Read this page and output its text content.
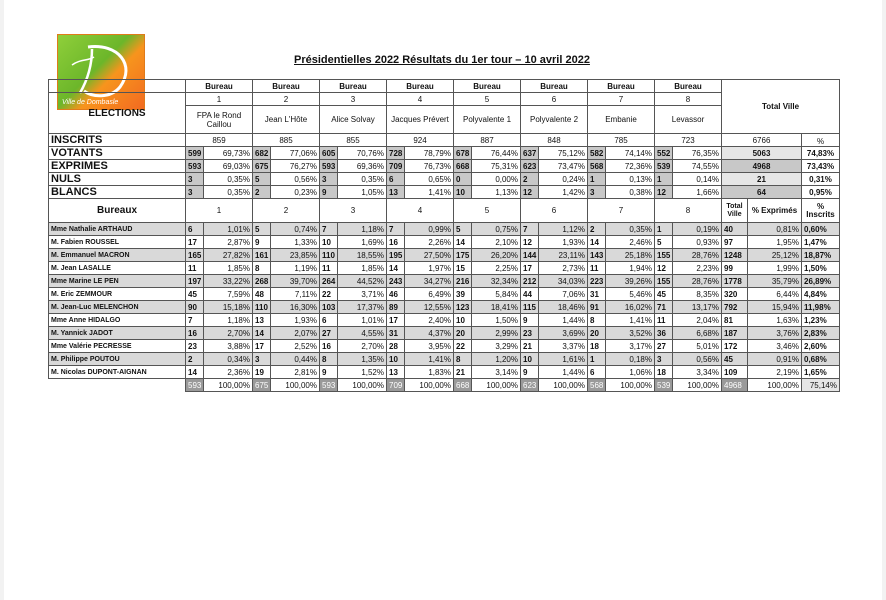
Ville de Dombasle
Présidentielles 2022 Résultats du 1er tour – 10 avril 2022
	Bureau		Bureau		Bureau		Bureau		Bureau		Bureau		Bureau		Bureau		Total Ville		
ELECTIONS	1		2		3		4		5		6		7		8				
	FPA le Rond Caillou		Jean L'Hôte		Alice Solvay		Jacques Prévert		Polyvalente 1		Polyvalente 2		Embanie		Levassor				
INSCRITS	859		885		855		924		887		848		785		723		6766		%
VOTANTS	599	69,73%	682	77,06%	605	70,76%	728	78,79%	678	76,44%	637	75,12%	582	74,14%	552	76,35%	5063		74,83%
EXPRIMES	593	69,03%	675	76,27%	593	69,36%	709	76,73%	668	75,31%	623	73,47%	568	72,36%	539	74,55%	4968		73,43%
NULS	3	0,35%	5	0,56%	3	0,35%	6	0,65%	0	0,00%	2	0,24%	1	0,13%	1	0,14%	21		0,31%
BLANCS	3	0,35%	2	0,23%	9	1,05%	13	1,41%	10	1,13%	12	1,42%	3	0,38%	12	1,66%	64		0,95%
Bureaux	1		2		3		4		5		6		7		8		Total Ville	% Exprimés	% Inscrits
Mme Nathalie ARTHAUD	6	1,01%	5	0,74%	7	1,18%	7	0,99%	5	0,75%	7	1,12%	2	0,35%	1	0,19%	40	0,81%	0,60%
M. Fabien ROUSSEL	17	2,87%	9	1,33%	10	1,69%	16	2,26%	14	2,10%	12	1,93%	14	2,46%	5	0,93%	97	1,95%	1,47%
M. Emmanuel MACRON	165	27,82%	161	23,85%	110	18,55%	195	27,50%	175	26,20%	144	23,11%	143	25,18%	155	28,76%	1248	25,12%	18,87%
M. Jean LASALLE	11	1,85%	8	1,19%	11	1,85%	14	1,97%	15	2,25%	17	2,73%	11	1,94%	12	2,23%	99	1,99%	1,50%
Mme Marine LE PEN	197	33,22%	268	39,70%	264	44,52%	243	34,27%	216	32,34%	212	34,03%	223	39,26%	155	28,76%	1778	35,79%	26,89%
M. Eric ZEMMOUR	45	7,59%	48	7,11%	22	3,71%	46	6,49%	39	5,84%	44	7,06%	31	5,46%	45	8,35%	320	6,44%	4,84%
M. Jean-Luc MELENCHON	90	15,18%	110	16,30%	103	17,37%	89	12,55%	123	18,41%	115	18,46%	91	16,02%	71	13,17%	792	15,94%	11,98%
Mme Anne HIDALGO	7	1,18%	13	1,93%	6	1,01%	17	2,40%	10	1,50%	9	1,44%	8	1,41%	11	2,04%	81	1,63%	1,23%
M. Yannick JADOT	16	2,70%	14	2,07%	27	4,55%	31	4,37%	20	2,99%	23	3,69%	20	3,52%	36	6,68%	187	3,76%	2,83%
Mme Valérie PECRESSE	23	3,88%	17	2,52%	16	2,70%	28	3,95%	22	3,29%	21	3,37%	18	3,17%	27	5,01%	172	3,46%	2,60%
M. Philippe POUTOU	2	0,34%	3	0,44%	8	1,35%	10	1,41%	8	1,20%	10	1,61%	1	0,18%	3	0,56%	45	0,91%	0,68%
M. Nicolas DUPONT-AIGNAN	14	2,36%	19	2,81%	9	1,52%	13	1,83%	21	3,14%	9	1,44%	6	1,06%	18	3,34%	109	2,19%	1,65%
	593	100,00%	675	100,00%	593	100,00%	709	100,00%	668	100,00%	623	100,00%	568	100,00%	539	100,00%	4968	100,00%	75,14%
